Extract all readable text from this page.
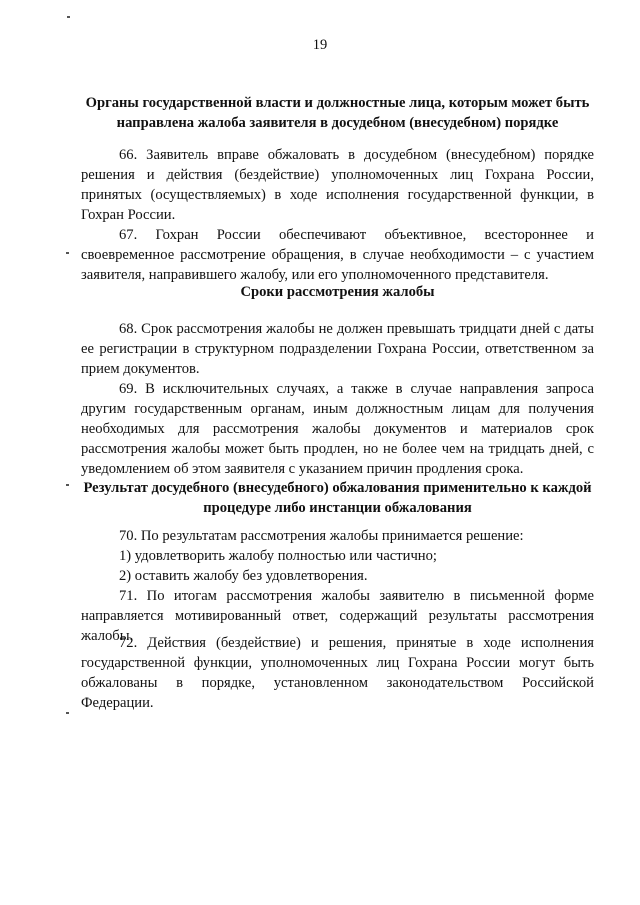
19
Органы государственной власти и должностные лица, которым может быть направлена жалоба заявителя в досудебном (внесудебном) порядке

66. Заявитель вправе обжаловать в досудебном (внесудебном) порядке решения и действия (бездействие) уполномоченных лиц Гохрана России, принятых (осуществляемых) в ходе исполнения государственной функции, в Гохран России.

67. Гохран России обеспечивают объективное, всестороннее и своевременное рассмотрение обращения, в случае необходимости – с участием заявителя, направившего жалобу, или его уполномоченного представителя.

Сроки рассмотрения жалобы

68. Срок рассмотрения жалобы не должен превышать тридцати дней с даты ее регистрации в структурном подразделении Гохрана России, ответственном за прием документов.

69. В исключительных случаях, а также в случае направления запроса другим государственным органам, иным должностным лицам для получения необходимых для рассмотрения жалобы документов и материалов срок рассмотрения жалобы может быть продлен, но не более чем на тридцать дней, с уведомлением об этом заявителя с указанием причин продления срока.

Результат досудебного (внесудебного) обжалования применительно к каждой процедуре либо инстанции обжалования

70. По результатам рассмотрения жалобы принимается решение:

1) удовлетворить жалобу полностью или частично;

2) оставить жалобу без удовлетворения.

71. По итогам рассмотрения жалобы заявителю в письменной форме направляется мотивированный ответ, содержащий результаты рассмотрения жалобы.

72. Действия (бездействие) и решения, принятые в ходе исполнения государственной функции, уполномоченных лиц Гохрана России могут быть обжалованы в порядке, установленном законодательством Российской Федерации.
